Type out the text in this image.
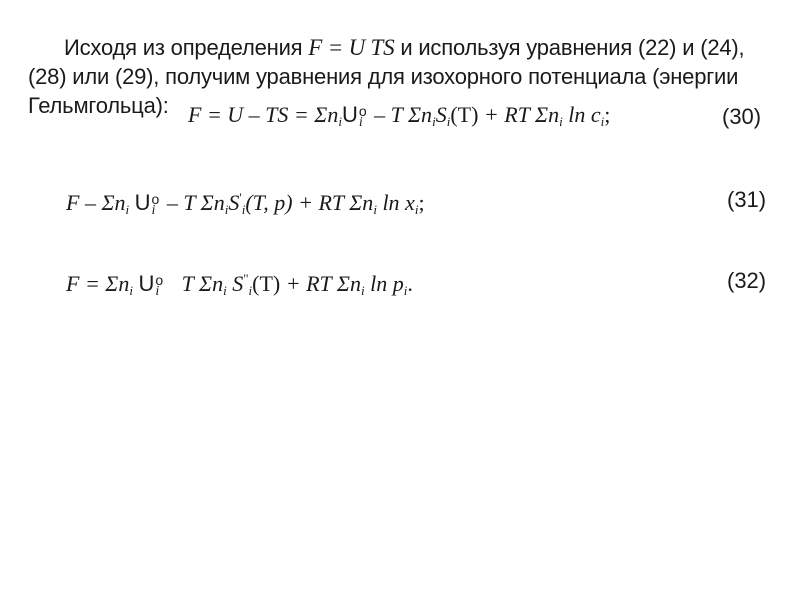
Исходя из определения F = U TS и используя уравнения (22) и (24), (28) или (29), получим уравнения для изохорного потенциала (энергии Гельмгольца): F = U – TS = $\Sigma n_iU$ o
i – T $\Sigma n_iS_i(T)$ + RT $\Sigma n_i$ $\ln c_i$;	(30)
F – $\Sigma n_i$ U o
i – T $\Sigma n_iS'_i(T$, p) + RT $\Sigma n_i$ $\ln x_i$;	(31)
$F = \Sigma n_i$ U o
i T $\Sigma n_i$ $S^"_i(T)$ + RT $\Sigma n_i$ $\ln p_i$.	(32)
